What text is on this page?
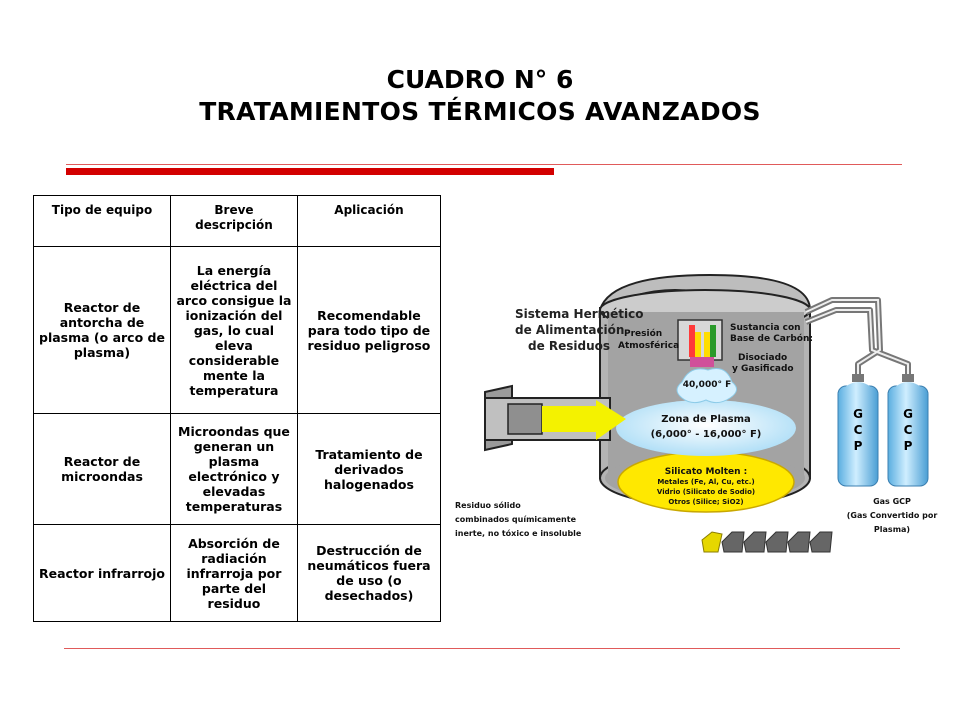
CUADRO N° 6
TRATAMIENTOS TÉRMICOS AVANZADOS
Tipo de equipo	Breve descripción	Aplicación
Reactor de antorcha de plasma (o arco de plasma)	La energía eléctrica del arco consigue la ionización del gas, lo cual eleva considerable mente la temperatura	Recomendable para todo tipo de residuo peligroso
Reactor de microondas	Microondas que generan un plasma electrónico y elevadas temperaturas	Tratamiento de derivados halogenados
Reactor infrarrojo	Absorción de radiación infrarroja por parte del residuo	Destrucción de neumáticos fuera de uso (o desechados)
G
C
P
G
C
P
Sistema Hermético
de Alimentación
de Residuos
Presión
Atmosférica
Sustancia con
Base de Carbón:
Disociado
y Gasificado
40,000° F
Zona de Plasma
(6,000° - 16,000° F)
Silicato Molten :
Metales (Fe, Al, Cu, etc.)
Vidrio (Silicato de Sodio)
Otros (Silice; SiO2)
Residuo sólido
combinados químicamente
inerte, no tóxico e insoluble
Gas GCP
(Gas Convertido por
Plasma)
